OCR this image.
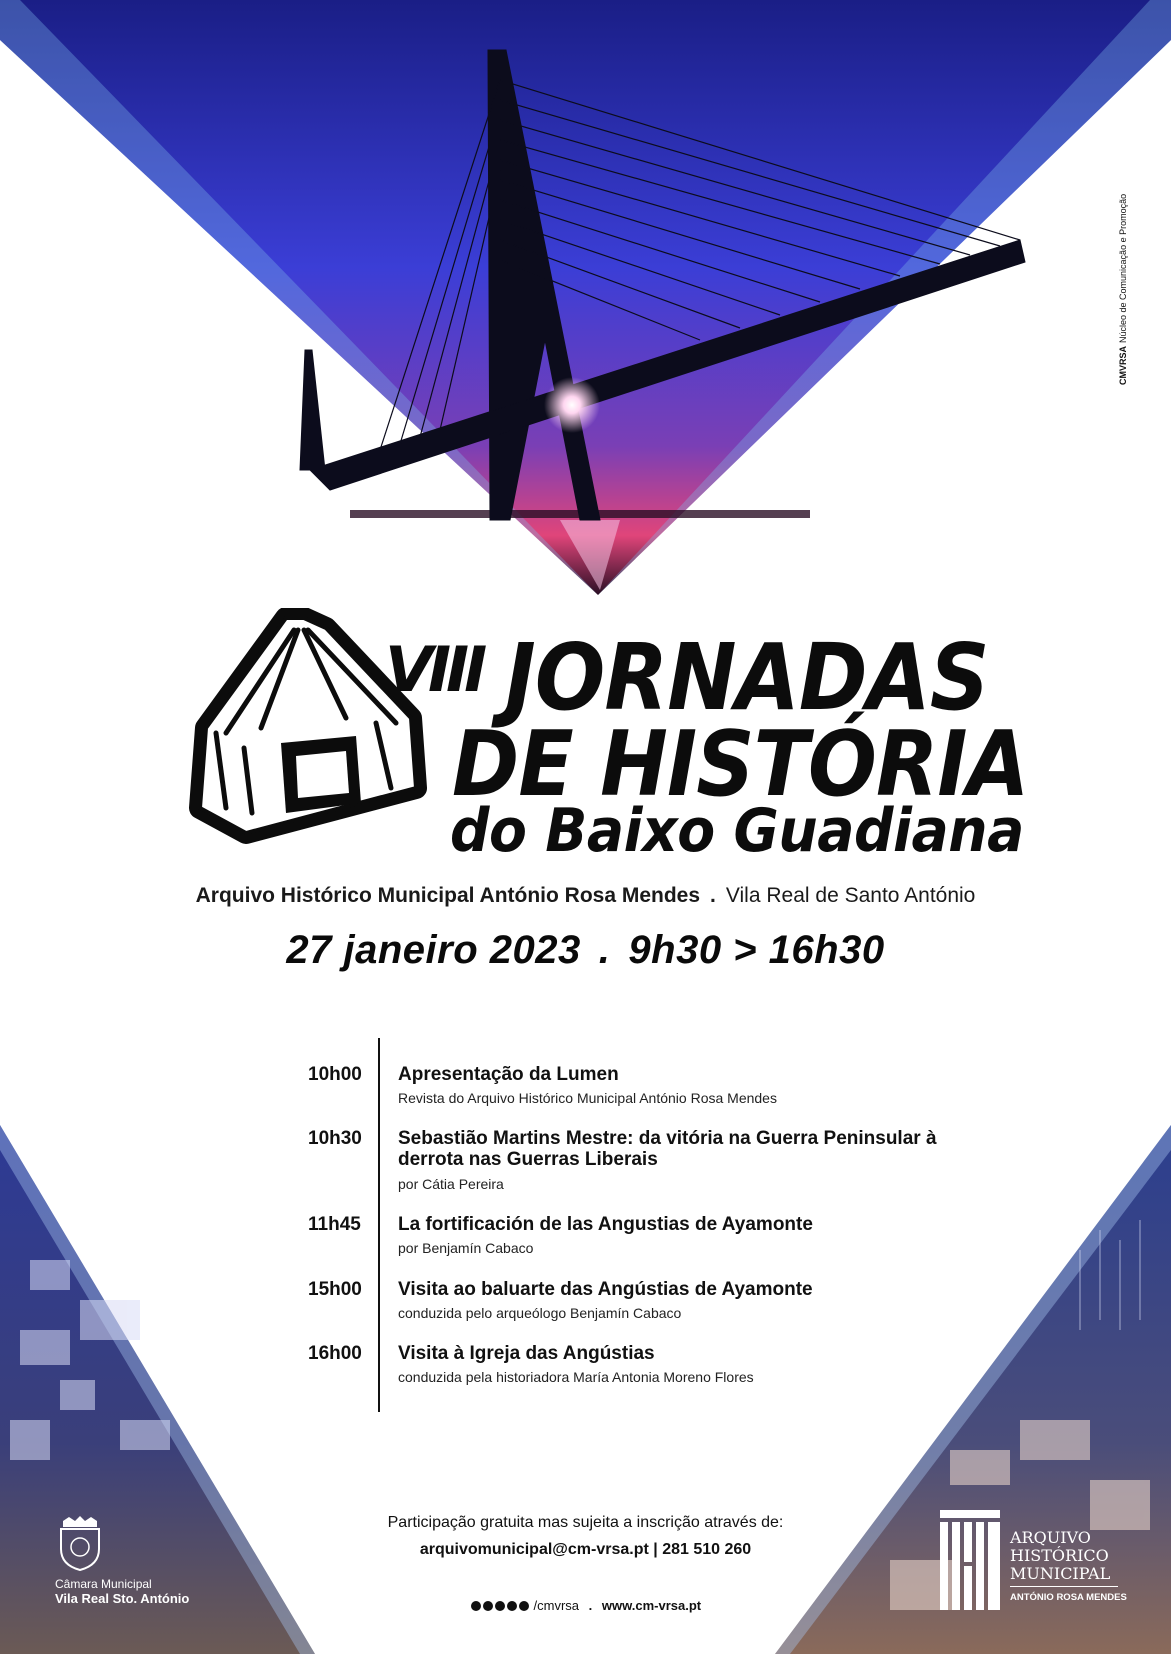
CMVRSANúcleo de Comunicação e Promoção
VIII JORNADAS
DE HISTÓRIA
do Baixo Guadiana
Arquivo Histórico Municipal António Rosa Mendes . Vila Real de Santo António
27 janeiro 2023 . 9h30 > 16h30
10h00	Apresentação da Lumen
Revista do Arquivo Histórico Municipal António Rosa Mendes
10h30	Sebastião Martins Mestre: da vitória na Guerra Peninsular à derrota nas Guerras Liberais
por Cátia Pereira
11h45	La fortificación de las Angustias de Ayamonte
por Benjamín Cabaco
15h00	Visita ao baluarte das Angústias de Ayamonte
conduzida pelo arqueólogo Benjamín Cabaco
16h00	Visita à Igreja das Angústias
conduzida pela historiadora María Antonia Moreno Flores
Participação gratuita mas sujeita a inscrição através de:
arquivomunicipal@cm-vrsa.pt | 281 510 260
/cmvrsa . www.cm-vrsa.pt
Câmara Municipal
Vila Real Sto. António
ARQUIVO
HISTÓRICO
MUNICIPAL
ANTÓNIO ROSA MENDES
